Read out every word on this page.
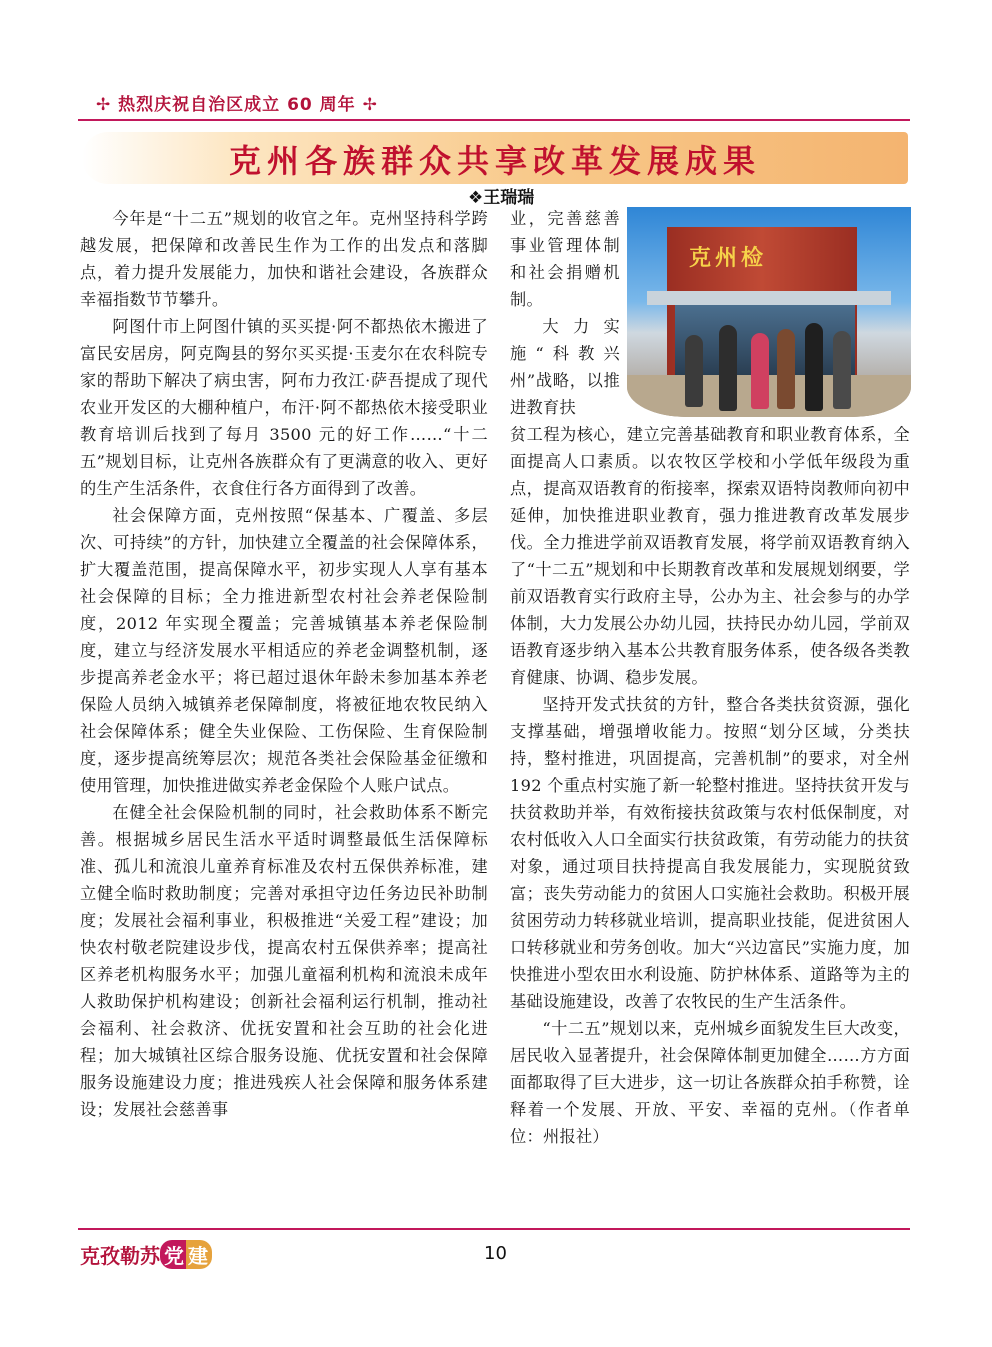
✢ 热烈庆祝自治区成立 60 周年 ✢
克州各族群众共享改革发展成果
❖王瑞瑞

今年是“十二五”规划的收官之年。克州坚持科学跨越发展，把保障和改善民生作为工作的出发点和落脚点，着力提升发展能力，加快和谐社会建设，各族群众幸福指数节节攀升。

阿图什市上阿图什镇的买买提·阿不都热依木搬进了富民安居房，阿克陶县的努尔买买提·玉麦尔在农科院专家的帮助下解决了病虫害，阿布力孜江·萨吾提成了现代农业开发区的大棚种植户，布汗·阿不都热依木接受职业教育培训后找到了每月 3500 元的好工作……“十二五”规划目标，让克州各族群众有了更满意的收入、更好的生产生活条件，衣食住行各方面得到了改善。

社会保障方面，克州按照“保基本、广覆盖、多层次、可持续”的方针，加快建立全覆盖的社会保障体系，扩大覆盖范围，提高保障水平，初步实现人人享有基本社会保障的目标；全力推进新型农村社会养老保险制度，2012 年实现全覆盖；完善城镇基本养老保险制度，建立与经济发展水平相适应的养老金调整机制，逐步提高养老金水平；将已超过退休年龄未参加基本养老保险人员纳入城镇养老保障制度，将被征地农牧民纳入社会保障体系；健全失业保险、工伤保险、生育保险制度，逐步提高统筹层次；规范各类社会保险基金征缴和使用管理，加快推进做实养老金保险个人账户试点。

在健全社会保险机制的同时，社会救助体系不断完善。根据城乡居民生活水平适时调整最低生活保障标准、孤儿和流浪儿童养育标准及农村五保供养标准，建立健全临时救助制度；完善对承担守边任务边民补助制度；发展社会福利事业，积极推进“关爱工程”建设；加快农村敬老院建设步伐，提高农村五保供养率；提高社区养老机构服务水平；加强儿童福利机构和流浪未成年人救助保护机构建设；创新社会福利运行机制，推动社会福利、社会救济、优抚安置和社会互助的社会化进程；加大城镇社区综合服务设施、优抚安置和社会保障服务设施建设力度；推进残疾人社会保障和服务体系建设；发展社会慈善事

业，完善慈善事业管理体制和社会捐赠机制。

大力实施“科教兴州”战略，以推进教育扶

克州检

贫工程为核心，建立完善基础教育和职业教育体系，全面提高人口素质。以农牧区学校和小学低年级段为重点，提高双语教育的衔接率，探索双语特岗教师向初中延伸，加快推进职业教育，强力推进教育改革发展步伐。全力推进学前双语教育发展，将学前双语教育纳入了“十二五”规划和中长期教育改革和发展规划纲要，学前双语教育实行政府主导，公办为主、社会参与的办学体制，大力发展公办幼儿园，扶持民办幼儿园，学前双语教育逐步纳入基本公共教育服务体系，使各级各类教育健康、协调、稳步发展。

坚持开发式扶贫的方针，整合各类扶贫资源，强化支撑基础，增强增收能力。按照“划分区域，分类扶持，整村推进，巩固提高，完善机制”的要求，对全州 192 个重点村实施了新一轮整村推进。坚持扶贫开发与扶贫救助并举，有效衔接扶贫政策与农村低保制度，对农村低收入人口全面实行扶贫政策，有劳动能力的扶贫对象，通过项目扶持提高自我发展能力，实现脱贫致富；丧失劳动能力的贫困人口实施社会救助。积极开展贫困劳动力转移就业培训，提高职业技能，促进贫困人口转移就业和劳务创收。加大“兴边富民”实施力度，加快推进小型农田水利设施、防护林体系、道路等为主的基础设施建设，改善了农牧民的生产生活条件。

“十二五”规划以来，克州城乡面貌发生巨大改变，居民收入显著提升，社会保障体制更加健全……方方面面都取得了巨大进步，这一切让各族群众拍手称赞，诠释着一个发展、开放、平安、幸福的克州。（作者单位：州报社）

克孜勒苏 党 建	10
